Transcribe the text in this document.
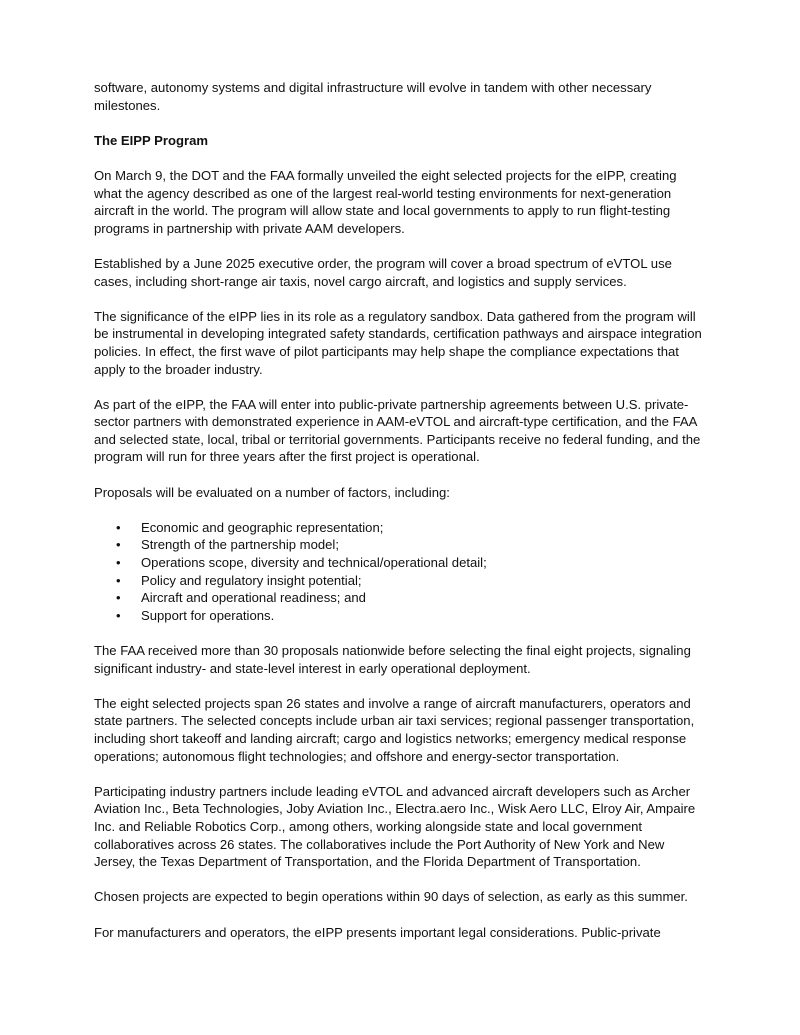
software, autonomy systems and digital infrastructure will evolve in tandem with other necessary milestones.

The EIPP Program

On March 9, the DOT and the FAA formally unveiled the eight selected projects for the eIPP, creating what the agency described as one of the largest real-world testing environments for next-generation aircraft in the world. The program will allow state and local governments to apply to run flight-testing programs in partnership with private AAM developers.

Established by a June 2025 executive order, the program will cover a broad spectrum of eVTOL use cases, including short-range air taxis, novel cargo aircraft, and logistics and supply services.

The significance of the eIPP lies in its role as a regulatory sandbox. Data gathered from the program will be instrumental in developing integrated safety standards, certification pathways and airspace integration policies. In effect, the first wave of pilot participants may help shape the compliance expectations that apply to the broader industry.

As part of the eIPP, the FAA will enter into public-private partnership agreements between U.S. private-sector partners with demonstrated experience in AAM-eVTOL and aircraft-type certification, and the FAA and selected state, local, tribal or territorial governments. Participants receive no federal funding, and the program will run for three years after the first project is operational.

Proposals will be evaluated on a number of factors, including:

• Economic and geographic representation;
• Strength of the partnership model;
• Operations scope, diversity and technical/operational detail;
• Policy and regulatory insight potential;
• Aircraft and operational readiness; and
• Support for operations.

The FAA received more than 30 proposals nationwide before selecting the final eight projects, signaling significant industry- and state-level interest in early operational deployment.

The eight selected projects span 26 states and involve a range of aircraft manufacturers, operators and state partners. The selected concepts include urban air taxi services; regional passenger transportation, including short takeoff and landing aircraft; cargo and logistics networks; emergency medical response operations; autonomous flight technologies; and offshore and energy-sector transportation.

Participating industry partners include leading eVTOL and advanced aircraft developers such as Archer Aviation Inc., Beta Technologies, Joby Aviation Inc., Electra.aero Inc., Wisk Aero LLC, Elroy Air, Ampaire Inc. and Reliable Robotics Corp., among others, working alongside state and local government collaboratives across 26 states. The collaboratives include the Port Authority of New York and New Jersey, the Texas Department of Transportation, and the Florida Department of Transportation.

Chosen projects are expected to begin operations within 90 days of selection, as early as this summer.

For manufacturers and operators, the eIPP presents important legal considerations. Public-private
